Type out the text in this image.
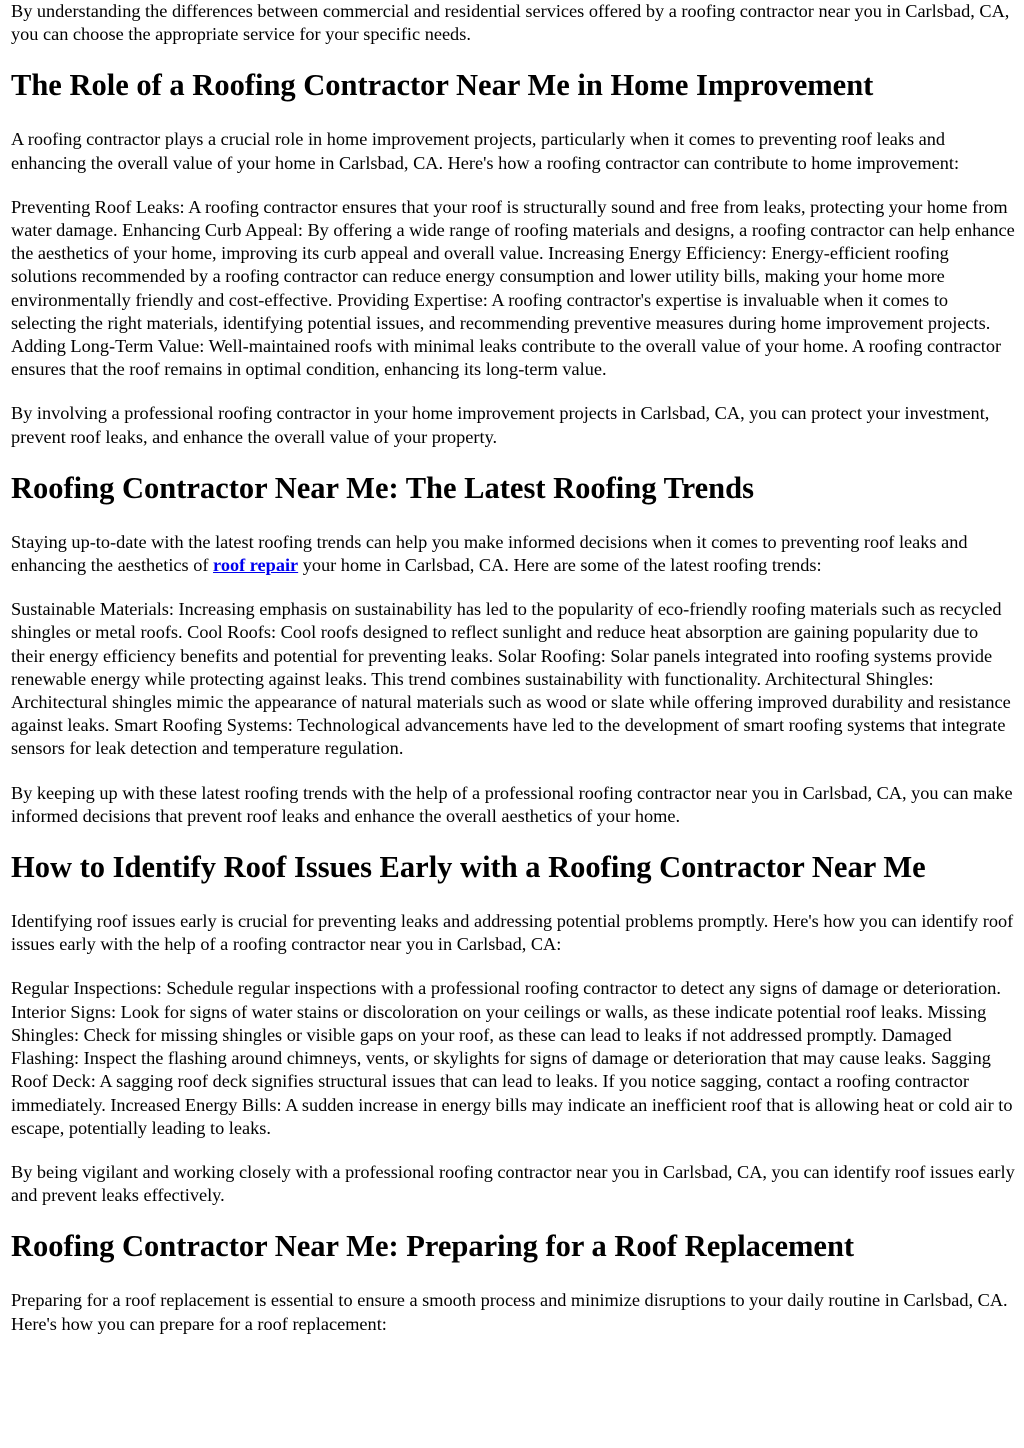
By understanding the differences between commercial and residential services offered by a roofing contractor near you in Carlsbad, CA, you can choose the appropriate service for your specific needs.

The Role of a Roofing Contractor Near Me in Home Improvement

A roofing contractor plays a crucial role in home improvement projects, particularly when it comes to preventing roof leaks and enhancing the overall value of your home in Carlsbad, CA. Here's how a roofing contractor can contribute to home improvement:

Preventing Roof Leaks: A roofing contractor ensures that your roof is structurally sound and free from leaks, protecting your home from water damage. Enhancing Curb Appeal: By offering a wide range of roofing materials and designs, a roofing contractor can help enhance the aesthetics of your home, improving its curb appeal and overall value. Increasing Energy Efficiency: Energy-efficient roofing solutions recommended by a roofing contractor can reduce energy consumption and lower utility bills, making your home more environmentally friendly and cost-effective. Providing Expertise: A roofing contractor's expertise is invaluable when it comes to selecting the right materials, identifying potential issues, and recommending preventive measures during home improvement projects. Adding Long-Term Value: Well-maintained roofs with minimal leaks contribute to the overall value of your home. A roofing contractor ensures that the roof remains in optimal condition, enhancing its long-term value.

By involving a professional roofing contractor in your home improvement projects in Carlsbad, CA, you can protect your investment, prevent roof leaks, and enhance the overall value of your property.

Roofing Contractor Near Me: The Latest Roofing Trends

Staying up-to-date with the latest roofing trends can help you make informed decisions when it comes to preventing roof leaks and enhancing the aesthetics of roof repair your home in Carlsbad, CA. Here are some of the latest roofing trends:

Sustainable Materials: Increasing emphasis on sustainability has led to the popularity of eco-friendly roofing materials such as recycled shingles or metal roofs. Cool Roofs: Cool roofs designed to reflect sunlight and reduce heat absorption are gaining popularity due to their energy efficiency benefits and potential for preventing leaks. Solar Roofing: Solar panels integrated into roofing systems provide renewable energy while protecting against leaks. This trend combines sustainability with functionality. Architectural Shingles: Architectural shingles mimic the appearance of natural materials such as wood or slate while offering improved durability and resistance against leaks. Smart Roofing Systems: Technological advancements have led to the development of smart roofing systems that integrate sensors for leak detection and temperature regulation.

By keeping up with these latest roofing trends with the help of a professional roofing contractor near you in Carlsbad, CA, you can make informed decisions that prevent roof leaks and enhance the overall aesthetics of your home.

How to Identify Roof Issues Early with a Roofing Contractor Near Me

Identifying roof issues early is crucial for preventing leaks and addressing potential problems promptly. Here's how you can identify roof issues early with the help of a roofing contractor near you in Carlsbad, CA:

Regular Inspections: Schedule regular inspections with a professional roofing contractor to detect any signs of damage or deterioration. Interior Signs: Look for signs of water stains or discoloration on your ceilings or walls, as these indicate potential roof leaks. Missing Shingles: Check for missing shingles or visible gaps on your roof, as these can lead to leaks if not addressed promptly. Damaged Flashing: Inspect the flashing around chimneys, vents, or skylights for signs of damage or deterioration that may cause leaks. Sagging Roof Deck: A sagging roof deck signifies structural issues that can lead to leaks. If you notice sagging, contact a roofing contractor immediately. Increased Energy Bills: A sudden increase in energy bills may indicate an inefficient roof that is allowing heat or cold air to escape, potentially leading to leaks.

By being vigilant and working closely with a professional roofing contractor near you in Carlsbad, CA, you can identify roof issues early and prevent leaks effectively.

Roofing Contractor Near Me: Preparing for a Roof Replacement

Preparing for a roof replacement is essential to ensure a smooth process and minimize disruptions to your daily routine in Carlsbad, CA. Here's how you can prepare for a roof replacement:
